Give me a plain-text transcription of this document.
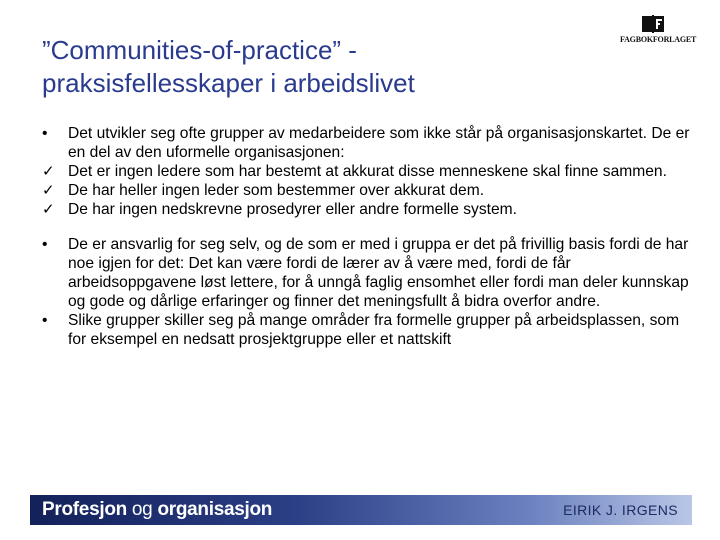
”Communities-of-practice” -
praksisfellesskaper i arbeidslivet
FAGBOKFORLAGET
•	Det utvikler seg ofte grupper av medarbeidere som ikke står på organisasjonskartet. De er en del av den uformelle organisasjonen:
✓ Det er ingen ledere som har bestemt at akkurat disse menneskene skal finne sammen.
✓ De har heller ingen leder som bestemmer over akkurat dem.
✓ De har ingen nedskrevne prosedyrer eller andre formelle system.
•	De er ansvarlig for seg selv, og de som er med i gruppa er det på frivillig basis fordi de har noe igjen for det: Det kan være fordi de lærer av å være med, fordi de får arbeidsoppgavene løst lettere, for å unngå faglig ensomhet eller fordi man deler kunnskap og gode og dårlige erfaringer og finner det meningsfullt å bidra overfor andre.
•	Slike grupper skiller seg på mange områder fra formelle grupper på arbeidsplassen, som for eksempel en nedsatt prosjektgruppe eller et nattskift
Profesjon og organisasjon	EIRIK J. IRGENS
